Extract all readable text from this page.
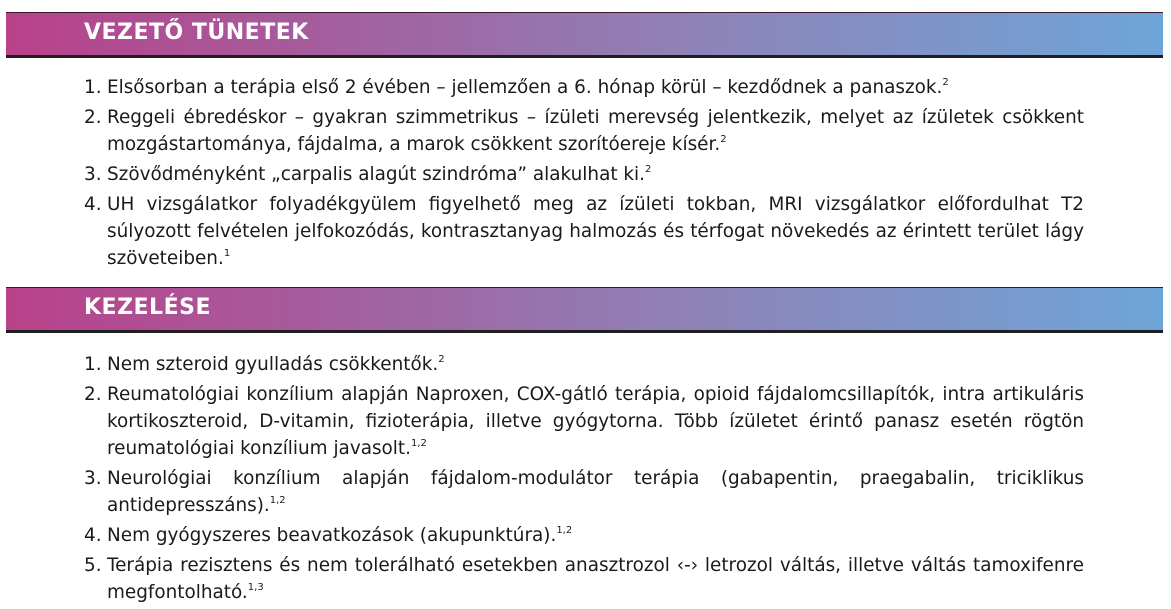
VEZETŐ TÜNETEK
1. Elsősorban a terápia első 2 évében – jellemzően a 6. hónap körül – kezdődnek a panaszok.$^2$
2. Reggeli ébredéskor – gyakran szimmetrikus – ízületi merevség jelentkezik, melyet az ízületek csökkent mozgástartománya, fájdalma, a marok csökkent szorítóereje kísér.$^2$
3. Szövődményként „carpalis alagút szindróma” alakulhat ki.$^2$
4. UH vizsgálatkor folyadékgyülem figyelhető meg az ízületi tokban, MRI vizsgálatkor előfordulhat T2 súlyozott felvételen jelfokozódás, kontrasztanyag halmozás és térfogat növekedés az érintett terület lágy szöveteiben.$^1$
KEZELÉSE
1. Nem szteroid gyulladás csökkentők.$^2$
2. Reumatológiai konzílium alapján Naproxen, COX-gátló terápia, opioid fájdalomcsillapítók, intra artikuláris kortikoszteroid, D-vitamin, fizioterápia, illetve gyógytorna. Több ízületet érintő panasz esetén rögtön reumatológiai konzílium javasolt.$^{1,2}$
3. Neurológiai konzílium alapján fájdalom-modulátor terápia (gabapentin, praegabalin, triciklikus antidepresszáns).$^{1,2}$
4. Nem gyógyszeres beavatkozások (akupunktúra).$^{1,2}$
5. Terápia rezisztens és nem tolerálható esetekben anasztrozol ‹-› letrozol váltás, illetve váltás tamoxifenre megfontolható.$^{1,3}$
